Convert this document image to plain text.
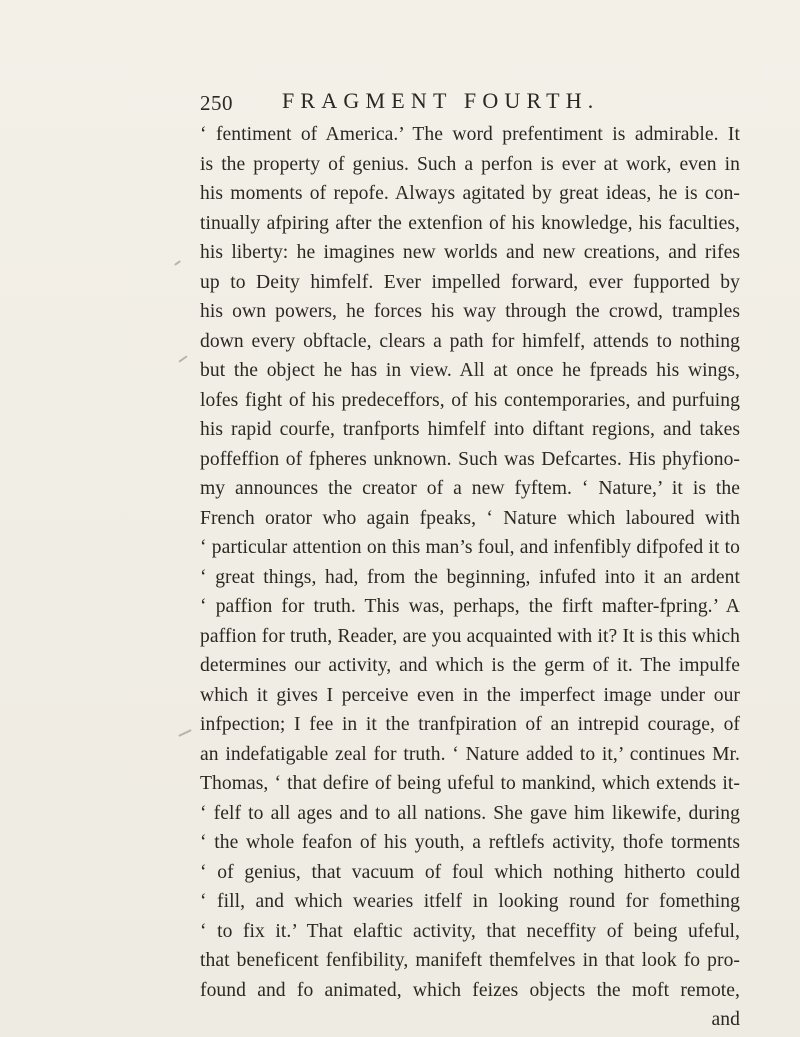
250 FRAGMENT FOURTH.
‘ fentiment of America.’ The word prefentiment is admirable. It
is the property of genius. Such a perfon is ever at work, even in
his moments of repofe. Always agitated by great ideas, he is con-
tinually afpiring after the extenfion of his knowledge, his faculties,
his liberty: he imagines new worlds and new creations, and rifes
up to Deity himfelf. Ever impelled forward, ever fupported by
his own powers, he forces his way through the crowd, tramples
down every obftacle, clears a path for himfelf, attends to nothing
but the object he has in view. All at once he fpreads his wings,
lofes fight of his predeceffors, of his contemporaries, and purfuing
his rapid courfe, tranfports himfelf into diftant regions, and takes
poffeffion of fpheres unknown. Such was Defcartes. His phyfiono-
my announces the creator of a new fyftem. ‘ Nature,’ it is the
French orator who again fpeaks, ‘ Nature which laboured with
‘ particular attention on this man’s foul, and infenfibly difpofed it to
‘ great things, had, from the beginning, infufed into it an ardent
‘ paffion for truth. This was, perhaps, the firft mafter-fpring.’ A
paffion for truth, Reader, are you acquainted with it? It is this which
determines our activity, and which is the germ of it. The impulfe
which it gives I perceive even in the imperfect image under our
infpection; I fee in it the tranfpiration of an intrepid courage, of
an indefatigable zeal for truth. ‘ Nature added to it,’ continues Mr.
Thomas, ‘ that defire of being ufeful to mankind, which extends it-
‘ felf to all ages and to all nations. She gave him likewife, during
‘ the whole feafon of his youth, a reftlefs activity, thofe torments
‘ of genius, that vacuum of foul which nothing hitherto could
‘ fill, and which wearies itfelf in looking round for fomething
‘ to fix it.’ That elaftic activity, that neceffity of being ufeful,
that beneficent fenfibility, manifeft themfelves in that look fo pro-
found and fo animated, which feizes objects the moft remote,
and
